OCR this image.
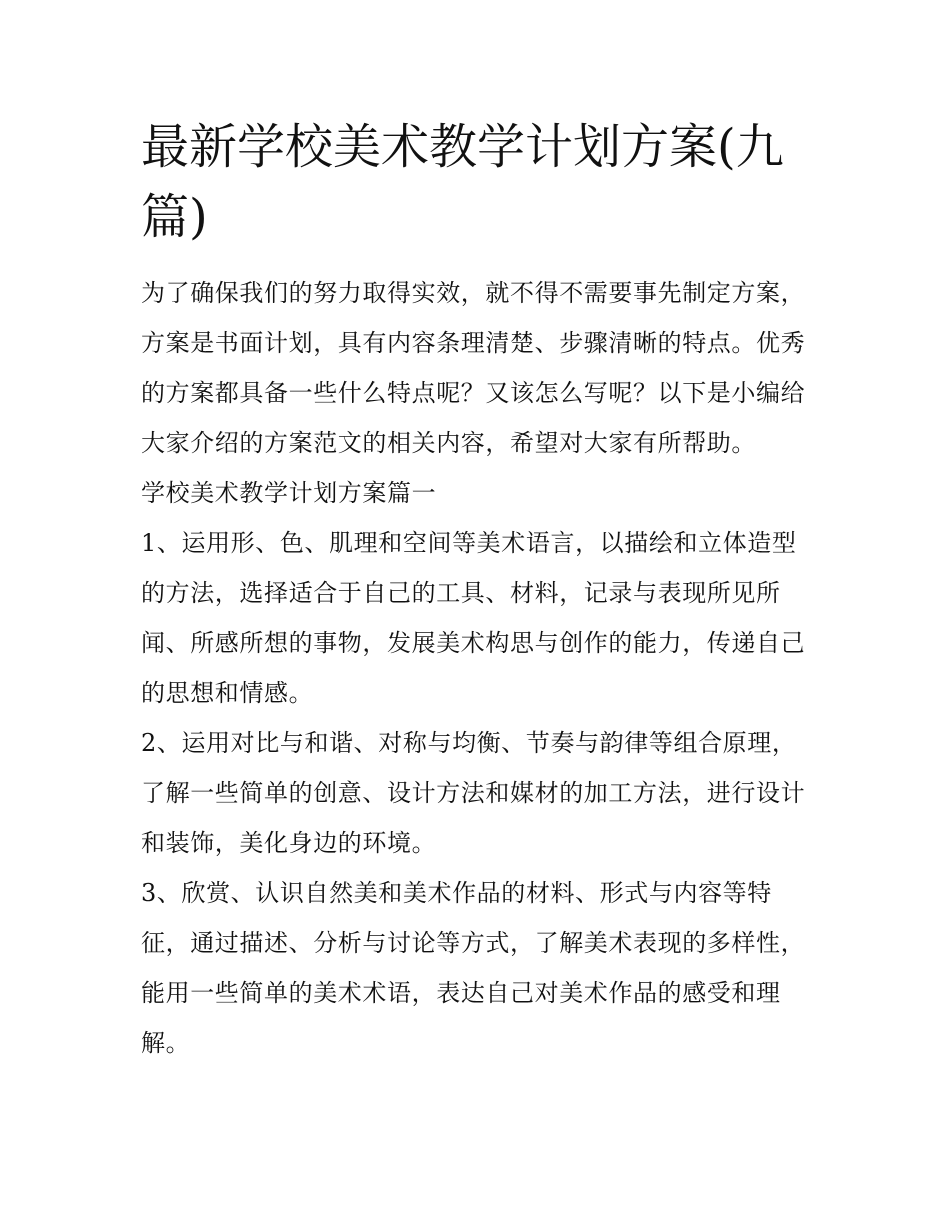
最新学校美术教学计划方案(九篇)

为了确保我们的努力取得实效，就不得不需要事先制定方案，方案是书面计划，具有内容条理清楚、步骤清晰的特点。优秀的方案都具备一些什么特点呢？又该怎么写呢？以下是小编给大家介绍的方案范文的相关内容，希望对大家有所帮助。

学校美术教学计划方案篇一

1、运用形、色、肌理和空间等美术语言，以描绘和立体造型的方法，选择适合于自己的工具、材料，记录与表现所见所闻、所感所想的事物，发展美术构思与创作的能力，传递自己的思想和情感。

2、运用对比与和谐、对称与均衡、节奏与韵律等组合原理，了解一些简单的创意、设计方法和媒材的加工方法，进行设计和装饰，美化身边的环境。

3、欣赏、认识自然美和美术作品的材料、形式与内容等特征，通过描述、分析与讨论等方式，了解美术表现的多样性，能用一些简单的美术术语，表达自己对美术作品的感受和理解。
